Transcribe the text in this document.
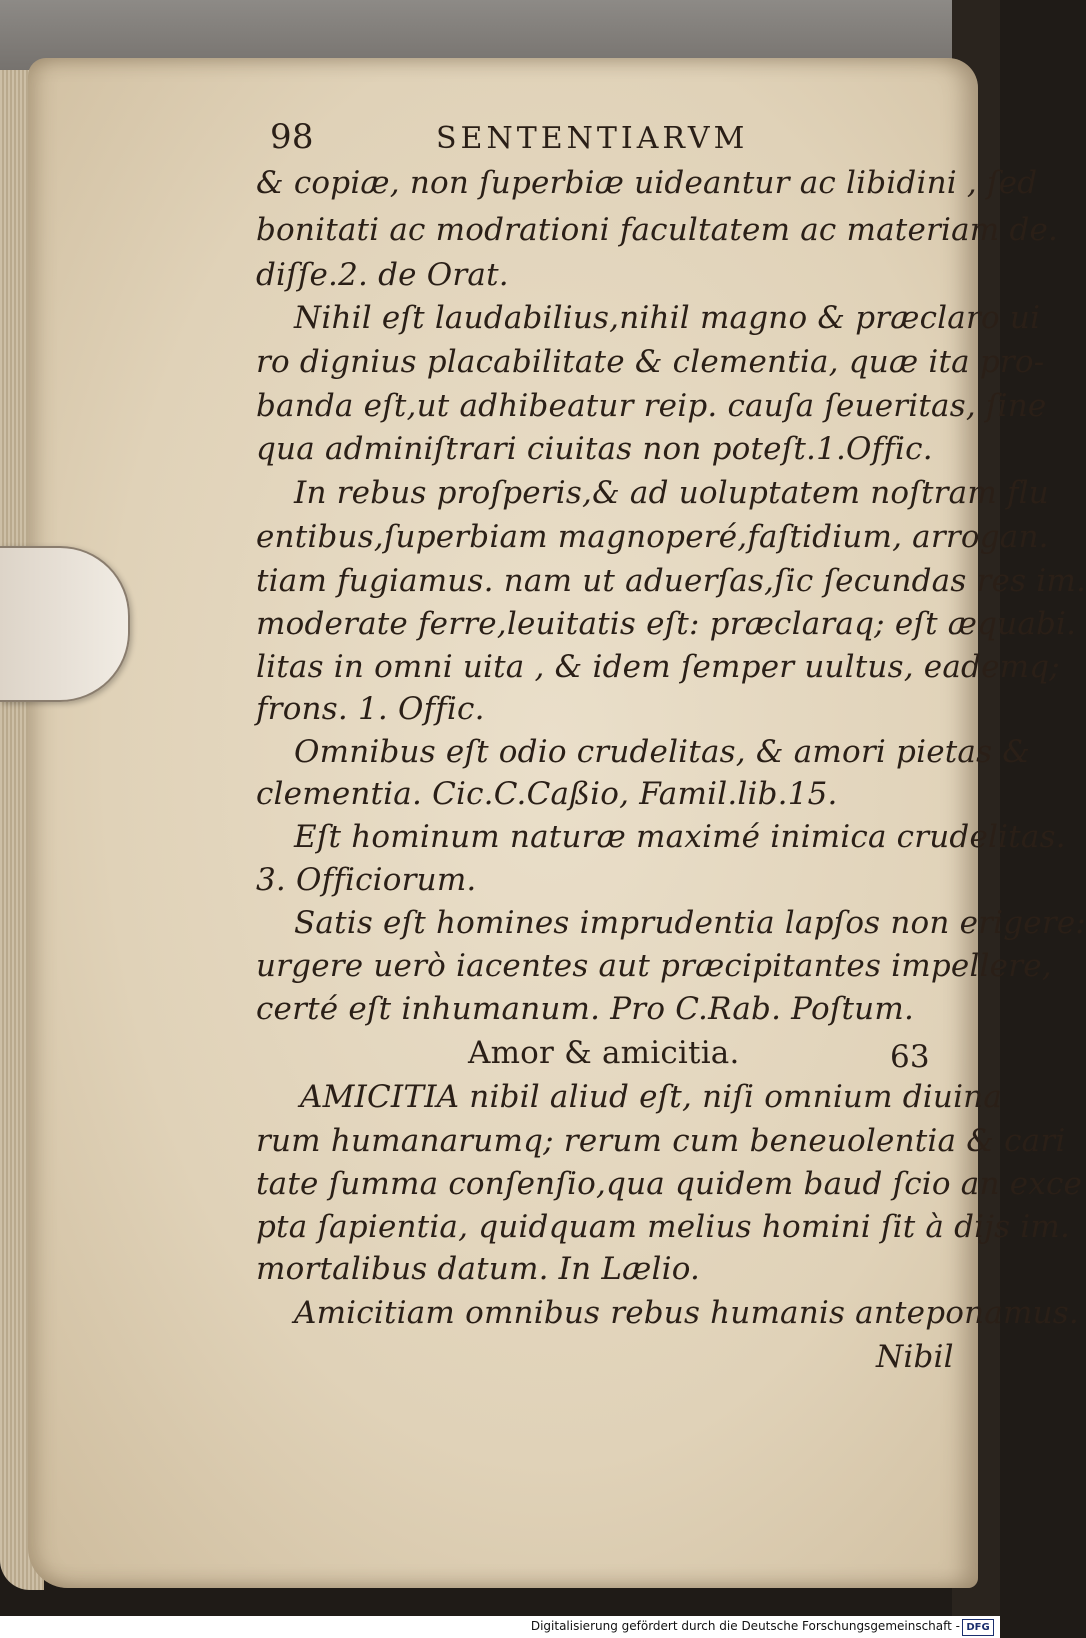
98	SENTENTIARVM
& copiæ, non ſuperbiæ uideantur ac libidini , ſed
bonitati ac modrationi facultatem ac materiam de.
diſſe.2. de Orat.
Nihil eſt laudabilius,nihil magno & præclaro ui
ro dignius placabilitate & clementia, quæ ita pro-
banda eſt,ut adhibeatur reip. cauſa ſeueritas, ſine
qua adminiſtrari ciuitas non poteſt.1.Offic.
In rebus proſperis,& ad uoluptatem noſtram flu
entibus,ſuperbiam magnoperé,faſtidium, arrogan.
tiam fugiamus. nam ut aduerſas,ſic ſecundas res im.
moderate ferre,leuitatis eſt: præclaraq; eſt æquabi.
litas in omni uita , & idem ſemper uultus, eademq;
frons. 1. Offic.
Omnibus eſt odio crudelitas, & amori pietas &
clementia. Cic.C.Caßio, Famil.lib.15.
Eſt hominum naturæ maximé inimica crudelitas.
3. Officiorum.
Satis eſt homines imprudentia lapſos non erigere:
urgere uerò iacentes aut præcipitantes impellere,
certé eſt inhumanum. Pro C.Rab. Poſtum.
Amor & amicitia.	63
AMICITIA nibil aliud eſt, niſi omnium diuina
rum humanarumq; rerum cum beneuolentia & cari
tate ſumma conſenſio,qua quidem baud ſcio an exce
pta ſapientia, quidquam melius homini ſit à dijs im.
mortalibus datum. In Lælio.
Amicitiam omnibus rebus humanis anteponamus.
Nibil
Digitalisierung gefördert durch die Deutsche Forschungsgemeinschaft - DFG
